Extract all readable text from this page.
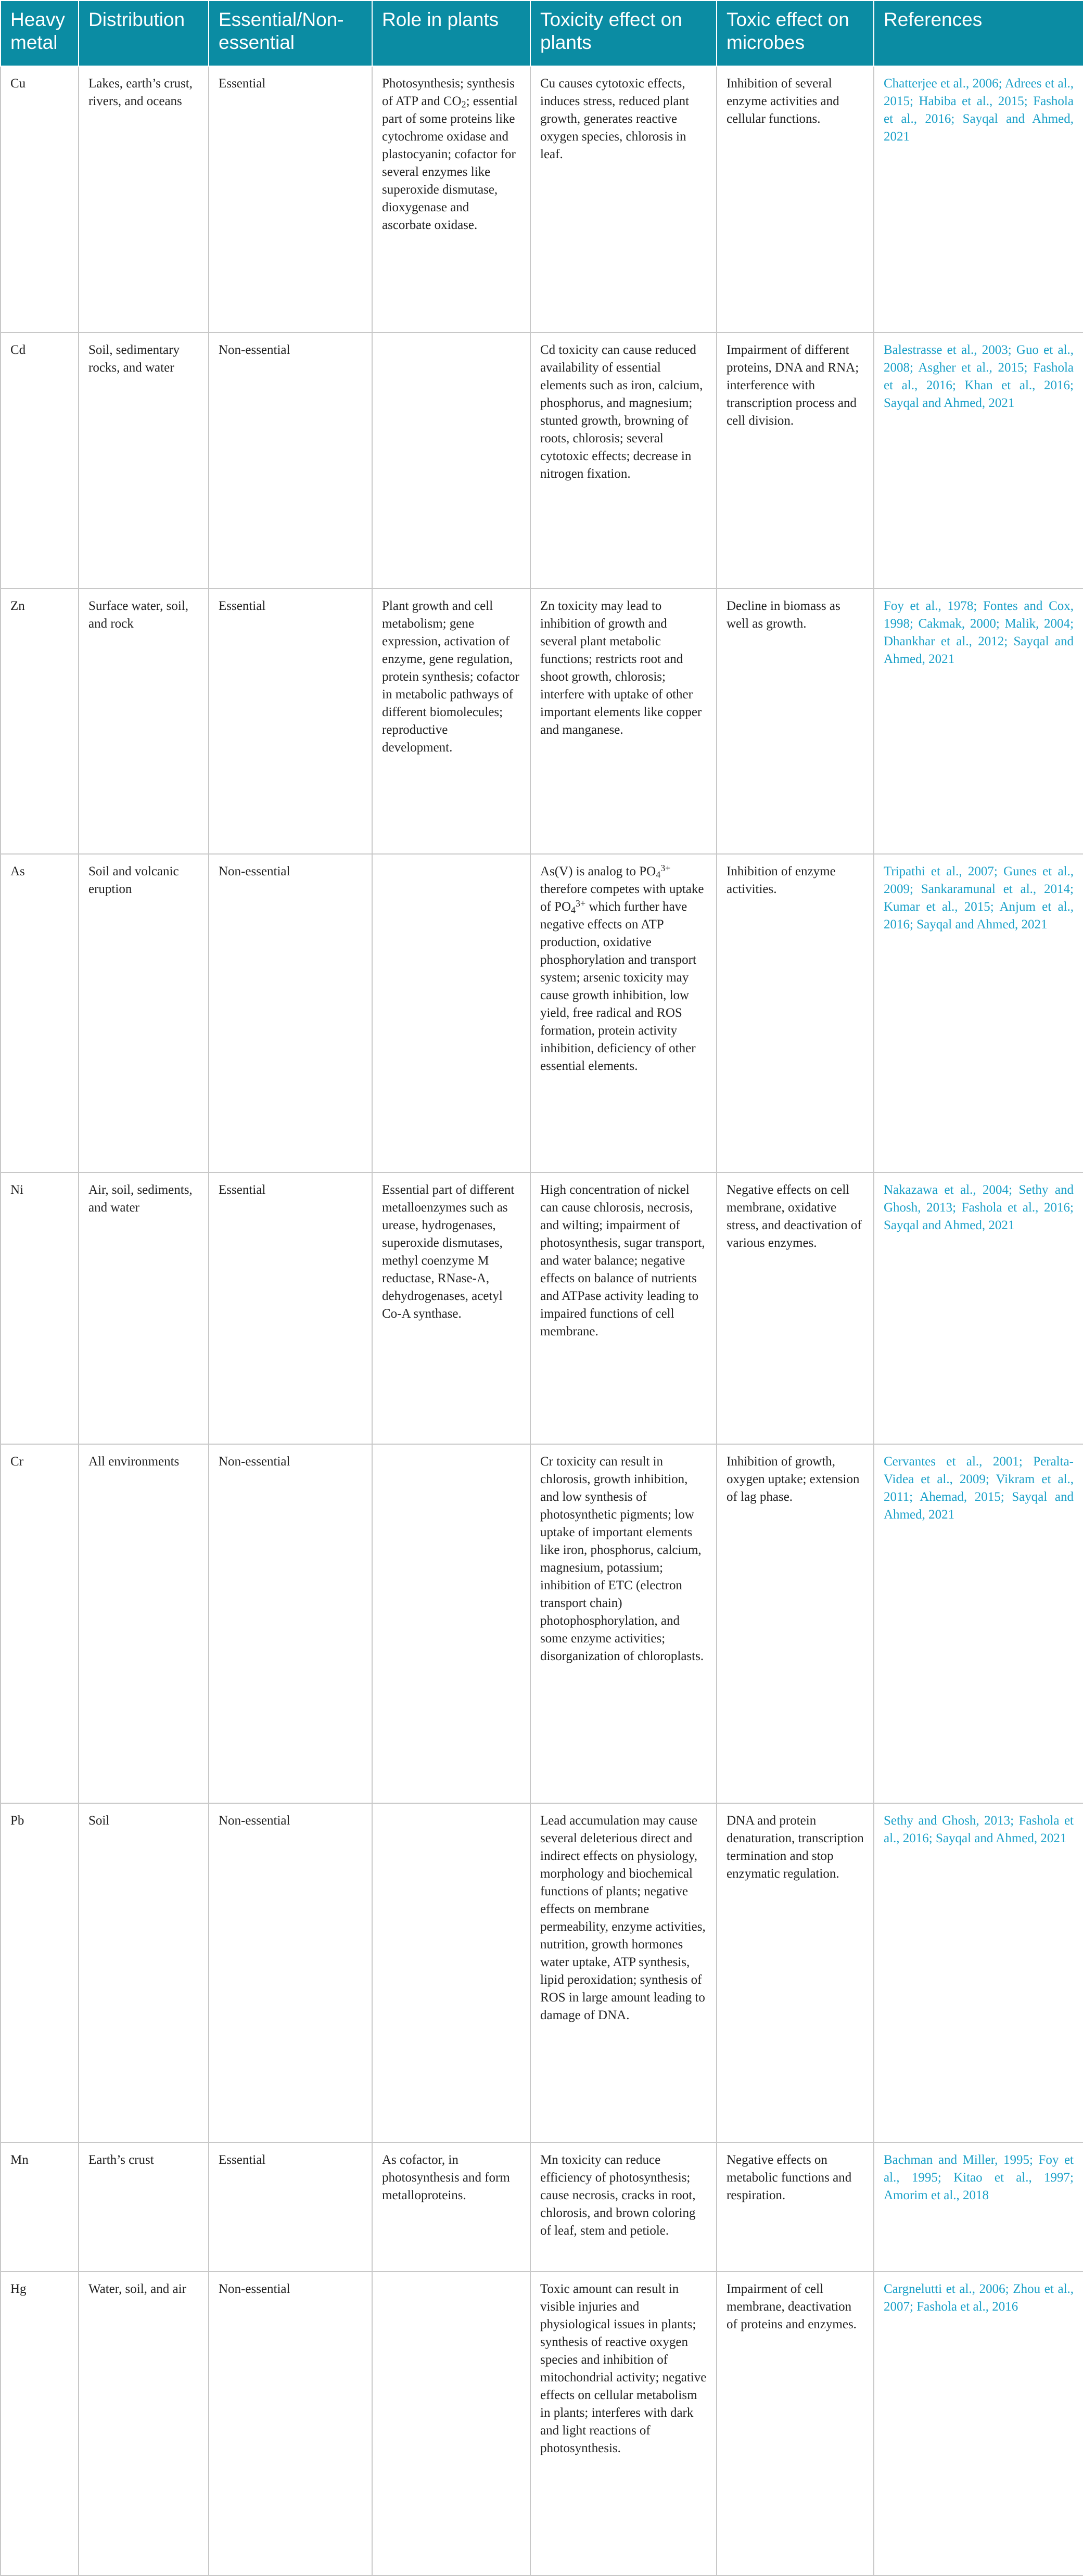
Heavy metal	Distribution	Essential/Non-essential	Role in plants	Toxicity effect on plants	Toxic effect on microbes	References
Cu	Lakes, earth’s crust, rivers, and oceans	Essential	Photosynthesis; synthesis of ATP and $CO_2$; essential part of some proteins like cytochrome oxidase and plastocyanin; cofactor for several enzymes like superoxide dismutase, dioxygenase and ascorbate oxidase.	Cu causes cytotoxic effects, induces stress, reduced plant growth, generates reactive oxygen species, chlorosis in leaf.	Inhibition of several enzyme activities and cellular functions.	Chatterjee et al., 2006; Adrees et al., 2015; Habiba et al., 2015; Fashola et al., 2016; Sayqal and Ahmed, 2021
Cd	Soil, sedimentary rocks, and water	Non-essential		Cd toxicity can cause reduced availability of essential elements such as iron, calcium, phosphorus, and magnesium; stunted growth, browning of roots, chlorosis; several cytotoxic effects; decrease in nitrogen fixation.	Impairment of different proteins, DNA and RNA; interference with transcription process and cell division.	Balestrasse et al., 2003; Guo et al., 2008; Asgher et al., 2015; Fashola et al., 2016; Khan et al., 2016; Sayqal and Ahmed, 2021
Zn	Surface water, soil, and rock	Essential	Plant growth and cell metabolism; gene expression, activation of enzyme, gene regulation, protein synthesis; cofactor in metabolic pathways of different biomolecules; reproductive development.	Zn toxicity may lead to inhibition of growth and several plant metabolic functions; restricts root and shoot growth, chlorosis; interfere with uptake of other important elements like copper and manganese.	Decline in biomass as well as growth.	Foy et al., 1978; Fontes and Cox, 1998; Cakmak, 2000; Malik, 2004; Dhankhar et al., 2012; Sayqal and Ahmed, 2021
As	Soil and volcanic eruption	Non-essential		As(V) is analog to $PO_4^{3+}$ therefore competes with uptake of $PO_4^{3+}$ which further have negative effects on ATP production, oxidative phosphorylation and transport system; arsenic toxicity may cause growth inhibition, low yield, free radical and ROS formation, protein activity inhibition, deficiency of other essential elements.	Inhibition of enzyme activities.	Tripathi et al., 2007; Gunes et al., 2009; Sankaramunal et al., 2014; Kumar et al., 2015; Anjum et al., 2016; Sayqal and Ahmed, 2021
Ni	Air, soil, sediments, and water	Essential	Essential part of different metalloenzymes such as urease, hydrogenases, superoxide dismutases, methyl coenzyme M reductase, RNase-A, dehydrogenases, acetyl Co-A synthase.	High concentration of nickel can cause chlorosis, necrosis, and wilting; impairment of photosynthesis, sugar transport, and water balance; negative effects on balance of nutrients and ATPase activity leading to impaired functions of cell membrane.	Negative effects on cell membrane, oxidative stress, and deactivation of various enzymes.	Nakazawa et al., 2004; Sethy and Ghosh, 2013; Fashola et al., 2016; Sayqal and Ahmed, 2021
Cr	All environments	Non-essential		Cr toxicity can result in chlorosis, growth inhibition, and low synthesis of photosynthetic pigments; low uptake of important elements like iron, phosphorus, calcium, magnesium, potassium; inhibition of ETC (electron transport chain) photophosphorylation, and some enzyme activities; disorganization of chloroplasts.	Inhibition of growth, oxygen uptake; extension of lag phase.	Cervantes et al., 2001; Peralta-Videa et al., 2009; Vikram et al., 2011; Ahemad, 2015; Sayqal and Ahmed, 2021
Pb	Soil	Non-essential		Lead accumulation may cause several deleterious direct and indirect effects on physiology, morphology and biochemical functions of plants; negative effects on membrane permeability, enzyme activities, nutrition, growth hormones water uptake, ATP synthesis, lipid peroxidation; synthesis of ROS in large amount leading to damage of DNA.	DNA and protein denaturation, transcription termination and stop enzymatic regulation.	Sethy and Ghosh, 2013; Fashola et al., 2016; Sayqal and Ahmed, 2021
Mn	Earth’s crust	Essential	As cofactor, in photosynthesis and form metalloproteins.	Mn toxicity can reduce efficiency of photosynthesis; cause necrosis, cracks in root, chlorosis, and brown coloring of leaf, stem and petiole.	Negative effects on metabolic functions and respiration.	Bachman and Miller, 1995; Foy et al., 1995; Kitao et al., 1997; Amorim et al., 2018
Hg	Water, soil, and air	Non-essential		Toxic amount can result in visible injuries and physiological issues in plants; synthesis of reactive oxygen species and inhibition of mitochondrial activity; negative effects on cellular metabolism in plants; interferes with dark and light reactions of photosynthesis.	Impairment of cell membrane, deactivation of proteins and enzymes.	Cargnelutti et al., 2006; Zhou et al., 2007; Fashola et al., 2016
